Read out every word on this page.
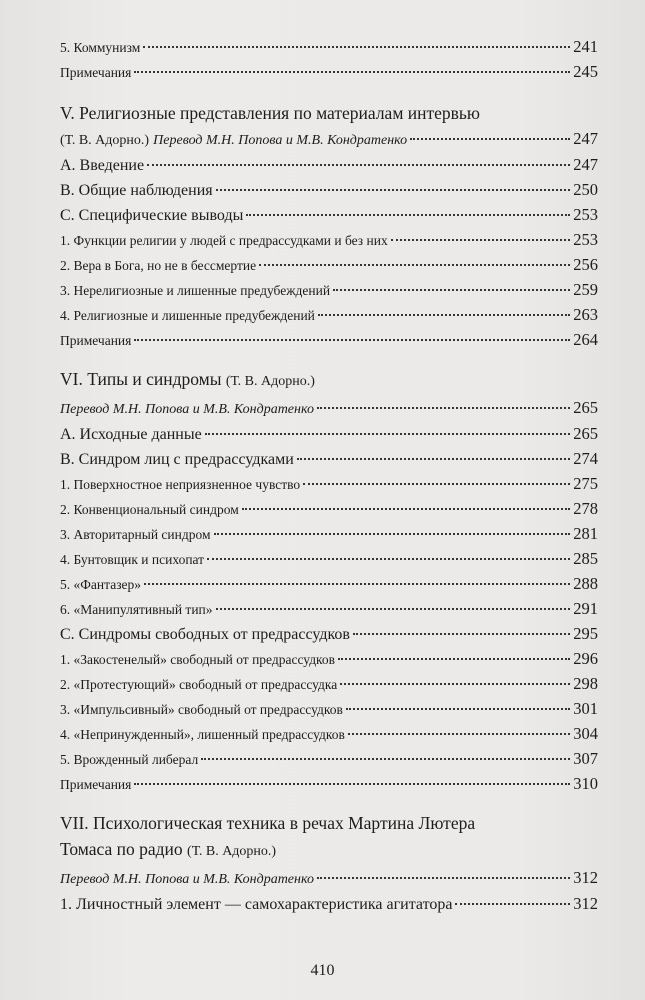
5. Коммунизм	241
Примечания	245
V. Религиозные представления по материалам интервью
(Т. В. Адорно.) Перевод М.Н. Попова и М.В. Кондратенко	247
A. Введение	247
B. Общие наблюдения	250
C. Специфические выводы	253
1. Функции религии у людей с предрассудками и без них	253
2. Вера в Бога, но не в бессмертие	256
3. Нерелигиозные и лишенные предубеждений	259
4. Религиозные и лишенные предубеждений	263
Примечания	264
VI. Типы и синдромы (Т. В. Адорно.)
Перевод М.Н. Попова и М.В. Кондратенко	265
A. Исходные данные	265
B. Синдром лиц с предрассудками	274
1. Поверхностное неприязненное чувство	275
2. Конвенциональный синдром	278
3. Авторитарный синдром	281
4. Бунтовщик и психопат	285
5. «Фантазер»	288
6. «Манипулятивный тип»	291
C. Синдромы свободных от предрассудков	295
1. «Закостенелый» свободный от предрассудков	296
2. «Протестующий» свободный от предрассудка	298
3. «Импульсивный» свободный от предрассудков	301
4. «Непринужденный», лишенный предрассудков	304
5. Врожденный либерал	307
Примечания	310
VII. Психологическая техника в речах Мартина Лютера
Томаса по радио (Т. В. Адорно.)
Перевод М.Н. Попова и М.В. Кондратенко	312
1. Личностный элемент — самохарактеристика агитатора	312
410
